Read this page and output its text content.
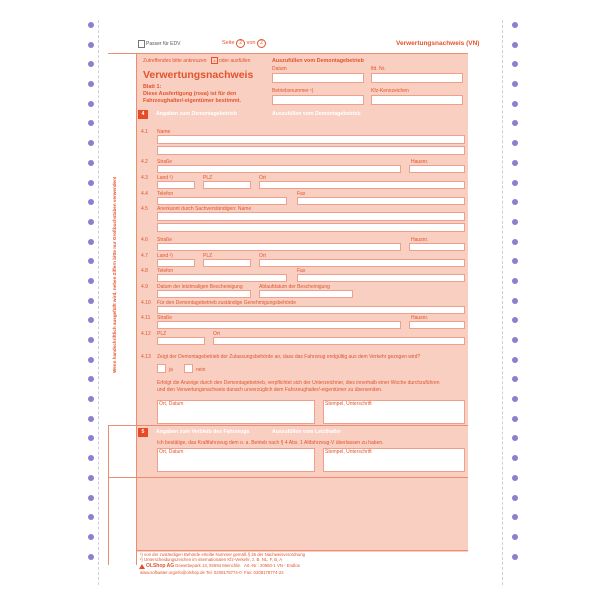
Passer für EDV	Seite 2 von 2	Verwertungsnachweis (VN)
Zutreffendes bitte ankreuzen	x oder ausfüllen
Verwertungsnachweis
Blatt 1:
Diese Ausfertigung (rosa) ist für den
Fahrzeughalter/-eigentümer bestimmt.
Auszufüllen vom Demontagebetrieb
Datum	lfd. Nr.
Betriebsnummer ¹)	Kfz-Kennzeichen
4	Angaben zum Demontagebetrieb	Auszufüllen vom Demontagebetrieb
4.1 Name
4.2 Straße	Hausnr.
4.3 Land ²)	PLZ	Ort
4.4 Telefon	Fax
4.5 Anerkannt durch Sachverständigen: Name
4.6 Straße	Hausnr.
4.7 Land ²)	PLZ	Ort
4.8 Telefon	Fax
4.9 Datum der letztmaligen Bescheinigung	Ablaufdatum der Bescheinigung
4.10 Für den Demontagebetrieb zuständige Genehmigungsbehörde
4.11 Straße	Hausnr.
4.12 PLZ	Ort
4.13 Zeigt der Demontagebetrieb der Zulassungsbehörde an, dass das Fahrzeug endgültig aus dem Verkehr gezogen wird?
ja	nein
Erfolgt die Anzeige durch den Demontagebetrieb, verpflichtet sich der Unterzeichner, dies innerhalb einer Woche durchzuführen
und den Verwertungsnachweis danach unverzüglich dem Fahrzeughalter/-eigentümer zu übersenden.
Ort, Datum	Stempel, Unterschrift
5	Angaben zum Verbleib des Fahrzeugs	Auszufüllen vom Letzthalter
Ich bestätige, das Kraftfahrzeug dem o. a. Betrieb nach § 4 Abs. 1 Altfahrzeug-V überlassen zu haben.
Ort, Datum	Stempel, Unterschrift
¹) von der zuständigen Behörde erteilte Nummer gemäß § 26 der Nachweisverordnung
²) Unterscheidungszeichen im internationalen Kfz-Verkehr, z. B. NL, F, B, A
OLShop AG
www.softwater.org
Gewerbepark 13, 92694 Meinchlin
info@olshop.de Tel. 0208178774-0
Art.-Nr.: 20950-1 VN - Endlos
Fax: 0208178774-22
Wenn handschriftlich ausgefüllt wird, neben Ziffern bitte nur Großbuchstaben verwenden!
